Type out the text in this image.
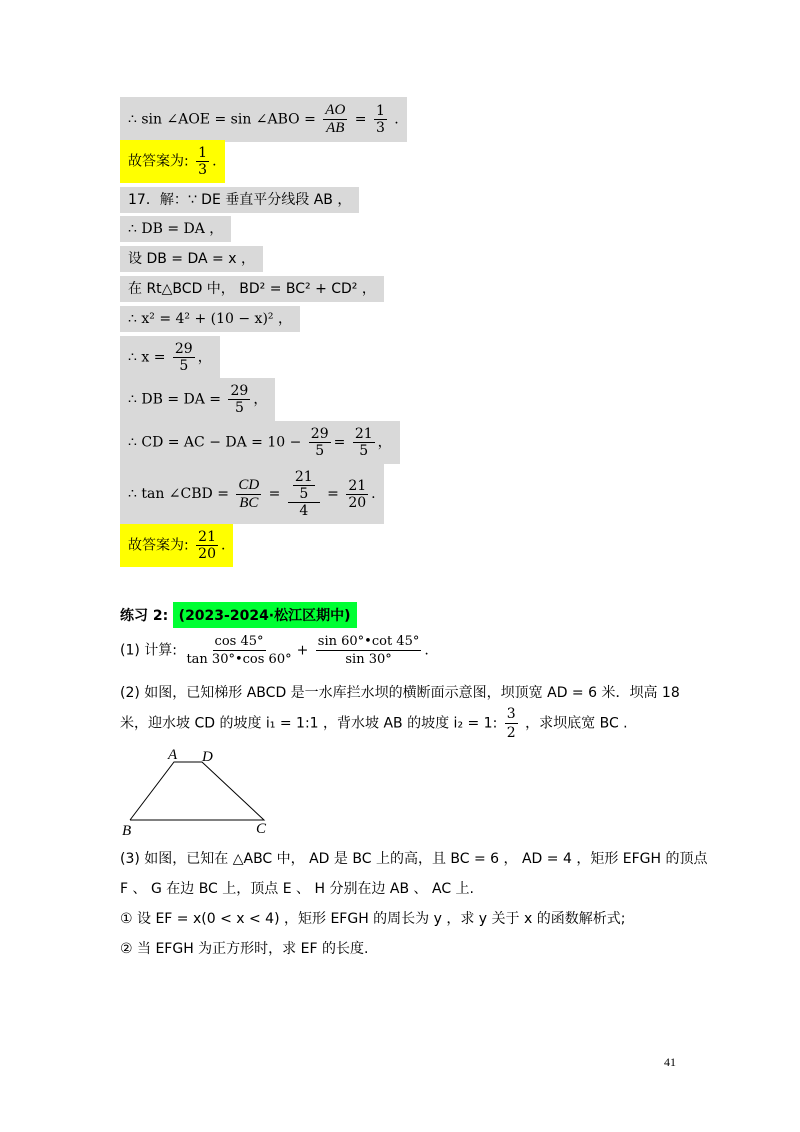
∴ sin ∠AOE = sin ∠ABO = $\frac{AO}{AB} = \frac{1}{3}$ .
故答案为: $\frac{1}{3}$ .
17．解：∵ DE 垂直平分线段 AB ，
∴ DB = DA ，
设 DB = DA = x ，
在 Rt△BCD 中， BD² = BC² + CD² ，
∴ x² = 4² + (10 − x)² ，
∴ $x = \frac{29}{5}$ ，
∴ DB = DA = $\frac{29}{5}$ ，
∴ CD = AC − DA = $10 - \frac{29}{5} = \frac{21}{5}$ ，
∴ tan ∠CBD = $\frac{CD}{BC} = \frac{\frac{21}{5}}{4} = \frac{21}{20}$ .
故答案为: $\frac{21}{20}$ .
练习 2: (2023-2024·松江区期中)
(1) 计算: $\frac{\cos 45^\circ}{\tan 30^\circ•\cos 60^\circ} + \frac{\sin 60^\circ•\cot 45^\circ}{\sin 30^\circ}$ .
(2) 如图，已知梯形 ABCD 是一水库拦水坝的横断面示意图，坝顶宽 AD = 6 米．坝高 18
米，迎水坡 CD 的坡度 i₁ = 1:1 ，背水坡 AB 的坡度 i₂ = 1: $\frac{3}{2}$ ，求坝底宽 BC .
A D
B	C
(3) 如图，已知在 △ABC 中， AD 是 BC 上的高，且 BC = 6 ， AD = 4 ，矩形 EFGH 的顶点
F 、 G 在边 BC 上，顶点 E 、 H 分别在边 AB 、 AC 上.
① 设 EF = x(0 < x < 4) ，矩形 EFGH 的周长为 y ，求 y 关于 x 的函数解析式;
② 当 EFGH 为正方形时，求 EF 的长度.
41
